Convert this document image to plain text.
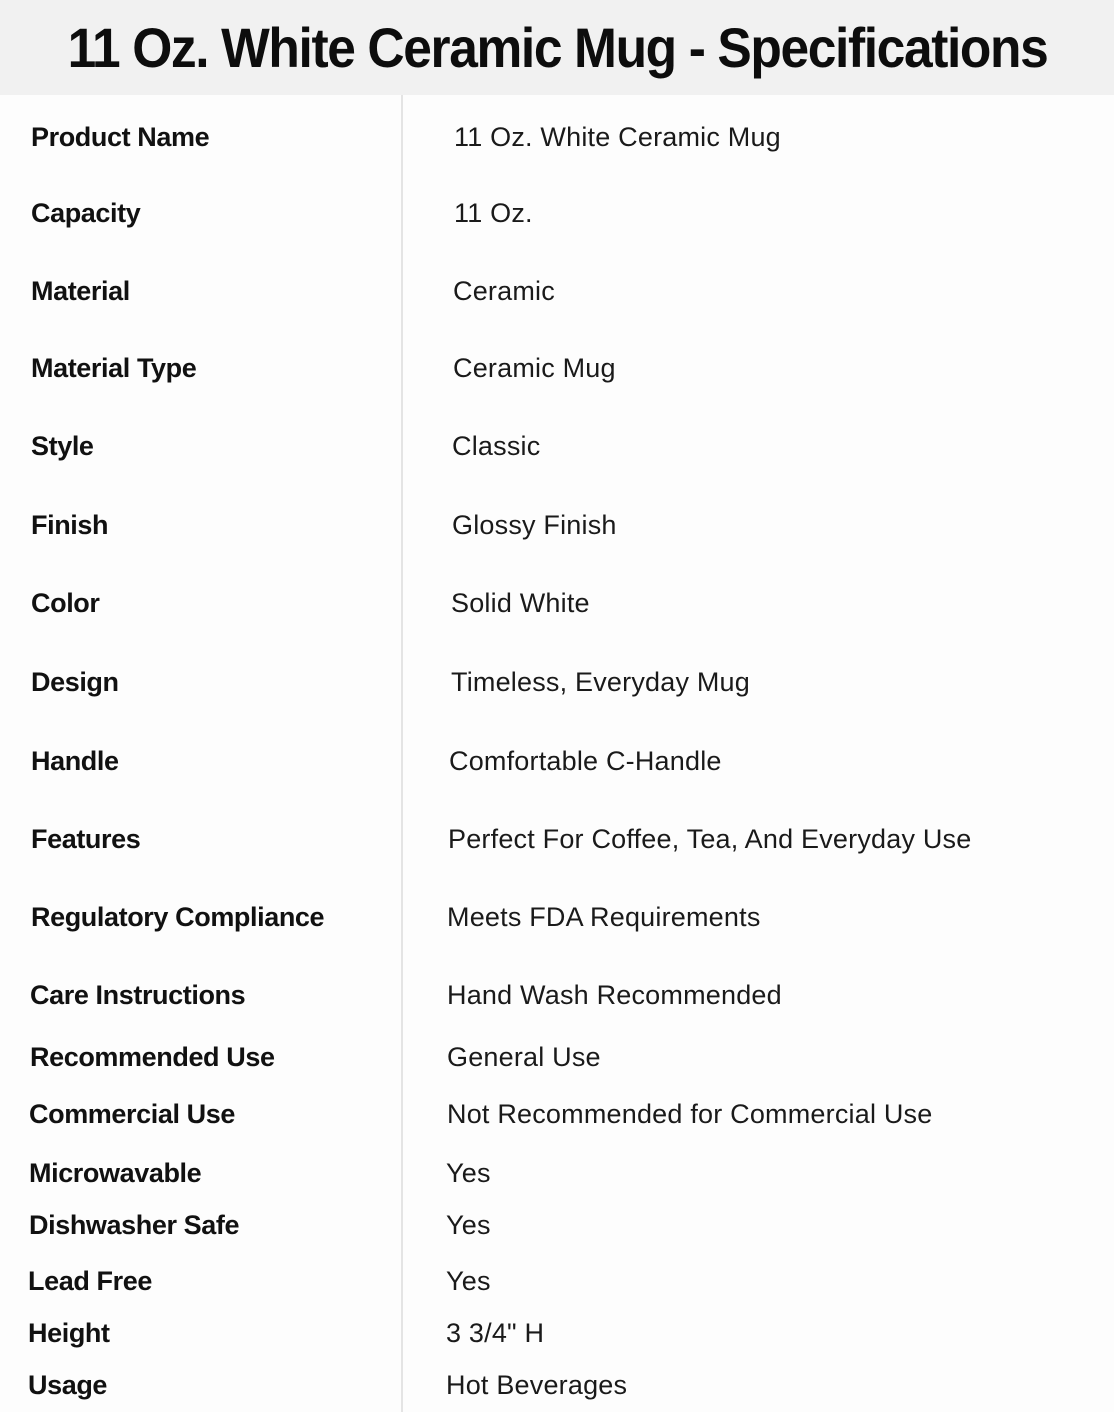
11 Oz. White Ceramic Mug - Specifications
Product Name	11 Oz. White Ceramic Mug
Capacity	11 Oz.
Material	Ceramic
Material Type	Ceramic Mug
Style	Classic
Finish	Glossy Finish
Color	Solid White
Design	Timeless, Everyday Mug
Handle	Comfortable C-Handle
Features	Perfect For Coffee, Tea, And Everyday Use
Regulatory Compliance	Meets FDA Requirements
Care Instructions	Hand Wash Recommended
Recommended Use	General Use
Commercial Use	Not Recommended for Commercial Use
Microwavable	Yes
Dishwasher Safe	Yes
Lead Free	Yes
Height	3 3/4" H
Usage	Hot Beverages
